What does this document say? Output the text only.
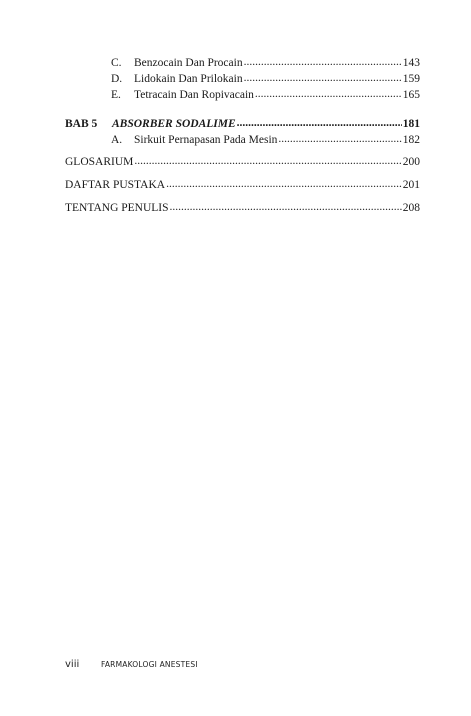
C.	Benzocain Dan Procain .....	143
D.	Lidokain Dan Prilokain .....	159
E.	Tetracain Dan Ropivacain .....	165
BAB 5	ABSORBER SODALIME .....	181
A.	Sirkuit Pernapasan Pada Mesin .....	182
GLOSARIUM .....	200
DAFTAR PUSTAKA .....	201
TENTANG PENULIS .....	208
viii	FARMAKOLOGI ANESTESI
